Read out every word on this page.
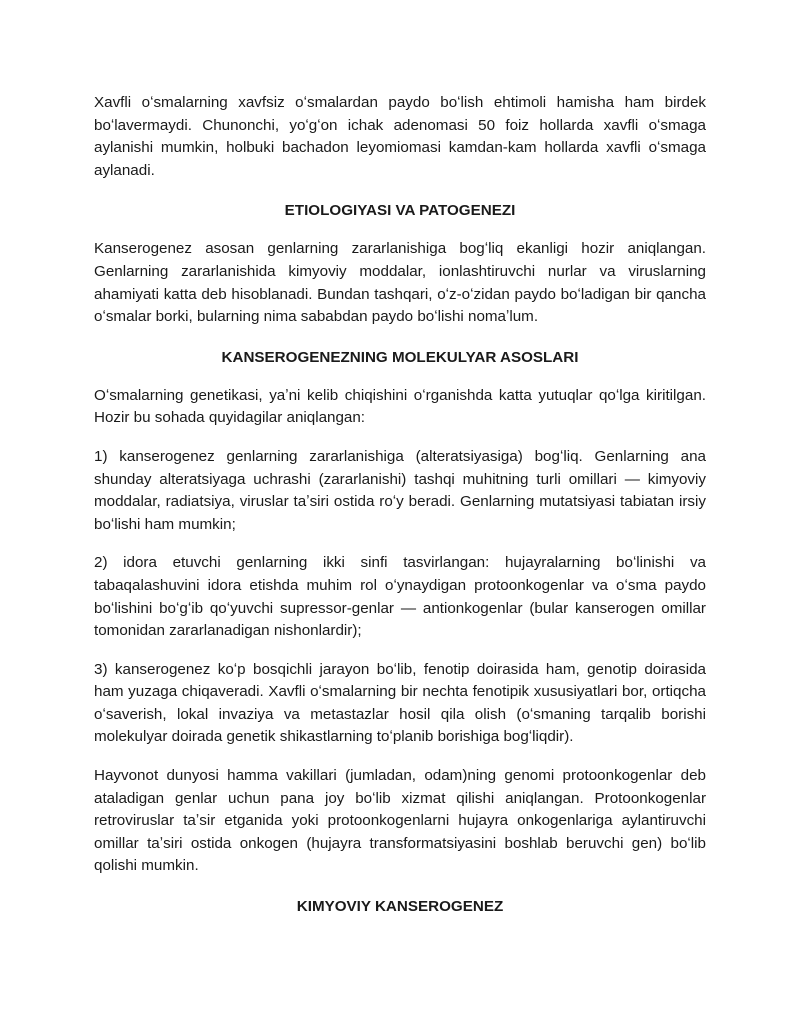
Xavfli oʻsmalarning xavfsiz oʻsmalardan paydo boʻlish ehtimoli hamisha ham birdek boʻlavermaydi. Chunonchi, yoʻgʻon ichak adenomasi 50 foiz hollarda xavfli oʻsmaga aylanishi mumkin, holbuki bachadon leyomiomasi kamdan-kam hollarda xavfli oʻsmaga aylanadi.

ETIOLOGIYASI VA PATOGENEZI

Kanserogenez asosan genlarning zararlanishiga bogʻliq ekanligi hozir aniqlangan. Genlarning zararlanishida kimyoviy moddalar, ionlashtiruvchi nurlar va viruslarning ahamiyati katta deb hisoblanadi. Bundan tashqari, oʻz-oʻzidan paydo boʻladigan bir qancha oʻsmalar borki, bularning nima sababdan paydo boʻlishi nomaʼlum.

KANSEROGENEZNING MOLEKULYAR ASOSLARI

Oʻsmalarning genetikasi, yaʼni kelib chiqishini oʻrganishda katta yutuqlar qoʻlga kiritilgan. Hozir bu sohada quyidagilar aniqlangan:

1) kanserogenez genlarning zararlanishiga (alteratsiyasiga) bogʻliq. Genlarning ana shunday alteratsiyaga uchrashi (zararlanishi) tashqi muhitning turli omillari — kimyoviy moddalar, radiatsiya, viruslar taʼsiri ostida roʻy beradi. Genlarning mutatsiyasi tabiatan irsiy boʻlishi ham mumkin;

2) idora etuvchi genlarning ikki sinfi tasvirlangan: hujayralarning boʻlinishi va tabaqalashuvini idora etishda muhim rol oʻynaydigan protoonkogenlar va oʻsma paydo boʻlishini boʻgʻib qoʻyuvchi supressor-genlar — antionkogenlar (bular kanserogen omillar tomonidan zararlanadigan nishonlardir);

3) kanserogenez koʻp bosqichli jarayon boʻlib, fenotip doirasida ham, genotip doirasida ham yuzaga chiqaveradi. Xavfli oʻsmalarning bir nechta fenotipik xususiyatlari bor, ortiqcha oʻsaverish, lokal invaziya va metastazlar hosil qila olish (oʻsmaning tarqalib borishi molekulyar doirada genetik shikastlarning toʻplanib borishiga bogʻliqdir).

Hayvonot dunyosi hamma vakillari (jumladan, odam)ning genomi protoonkogenlar deb ataladigan genlar uchun pana joy boʻlib xizmat qilishi aniqlangan. Protoonkogenlar retroviruslar taʼsir etganida yoki protoonkogenlarni hujayra onkogenlariga aylantiruvchi omillar taʼsiri ostida onkogen (hujayra transformatsiyasini boshlab beruvchi gen) boʻlib qolishi mumkin.

KIMYOVIY KANSEROGENEZ
